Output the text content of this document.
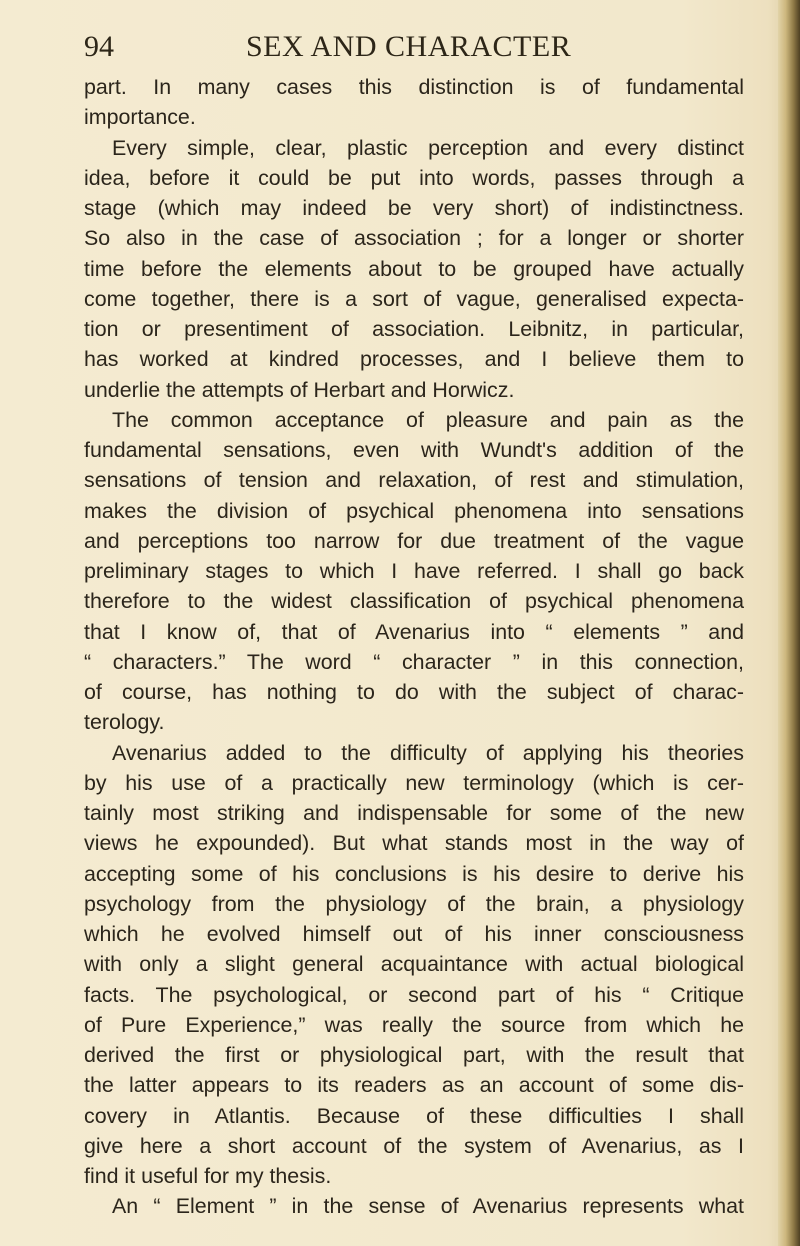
94	SEX AND CHARACTER
part. In many cases this distinction is of fundamental
importance.
Every simple, clear, plastic perception and every distinct
idea, before it could be put into words, passes through a
stage (which may indeed be very short) of indistinctness.
So also in the case of association ; for a longer or shorter
time before the elements about to be grouped have actually
come together, there is a sort of vague, generalised expecta-
tion or presentiment of association. Leibnitz, in particular,
has worked at kindred processes, and I believe them to
underlie the attempts of Herbart and Horwicz.
The common acceptance of pleasure and pain as the
fundamental sensations, even with Wundt's addition of the
sensations of tension and relaxation, of rest and stimulation,
makes the division of psychical phenomena into sensations
and perceptions too narrow for due treatment of the vague
preliminary stages to which I have referred. I shall go back
therefore to the widest classification of psychical phenomena
that I know of, that of Avenarius into “ elements ” and
“ characters.” The word “ character ” in this connection,
of course, has nothing to do with the subject of charac-
terology.
Avenarius added to the difficulty of applying his theories
by his use of a practically new terminology (which is cer-
tainly most striking and indispensable for some of the new
views he expounded). But what stands most in the way of
accepting some of his conclusions is his desire to derive his
psychology from the physiology of the brain, a physiology
which he evolved himself out of his inner consciousness
with only a slight general acquaintance with actual biological
facts. The psychological, or second part of his “ Critique
of Pure Experience,” was really the source from which he
derived the first or physiological part, with the result that
the latter appears to its readers as an account of some dis-
covery in Atlantis. Because of these difficulties I shall
give here a short account of the system of Avenarius, as I
find it useful for my thesis.
An “ Element ” in the sense of Avenarius represents what
